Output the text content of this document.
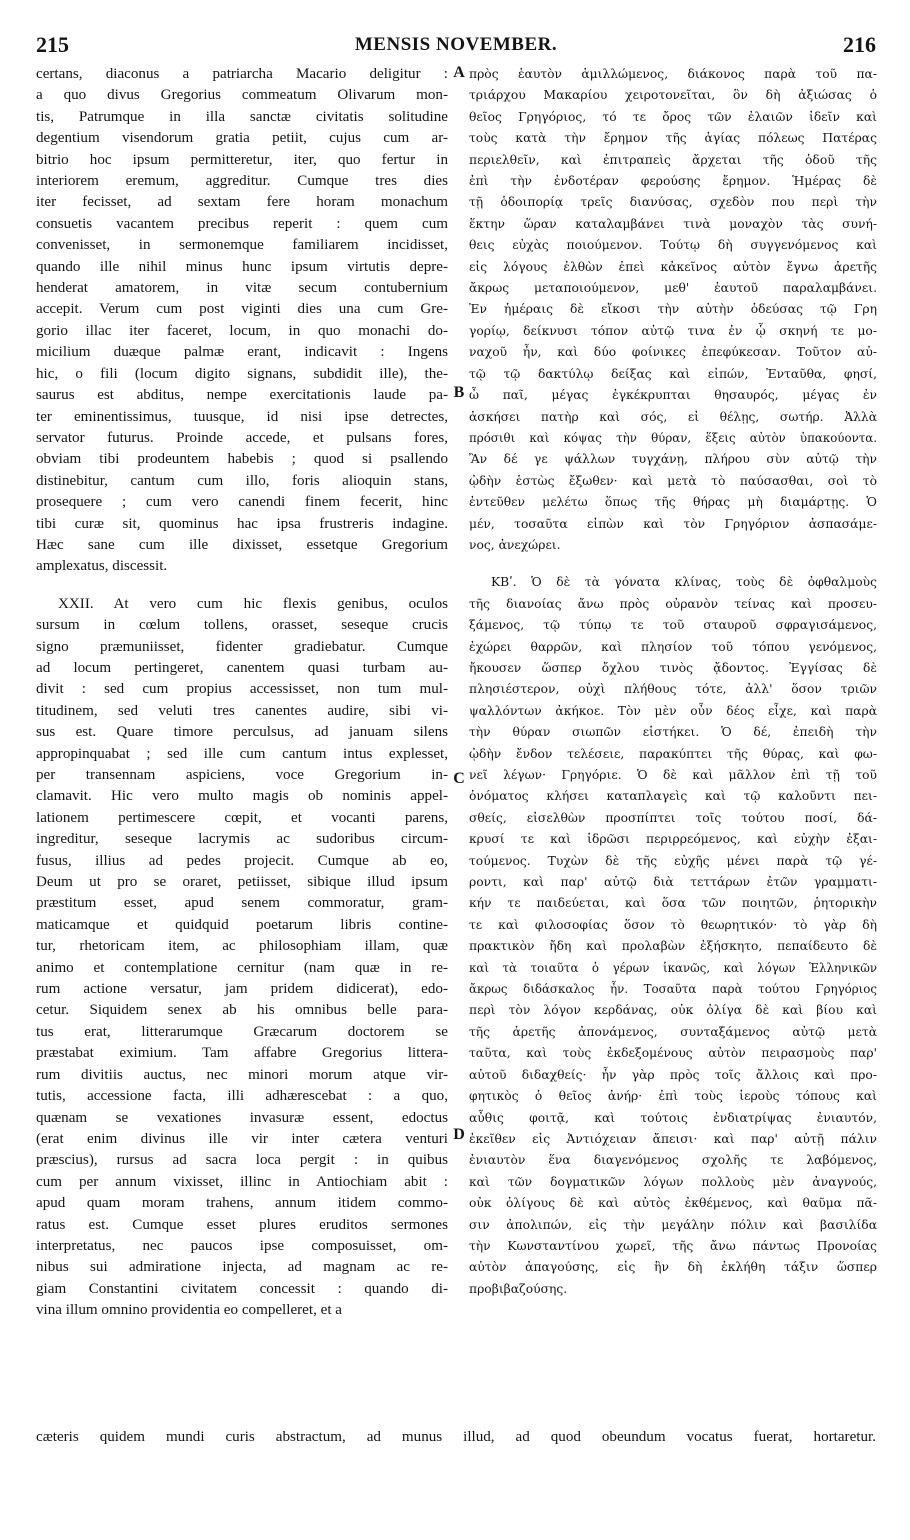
215	MENSIS NOVEMBER.	216
certans, diaconus a patriarcha Macario deligitur :
a quo divus Gregorius commeatum Olivarum mon-
tis, Patrumque in illa sanctæ civitatis solitudine
degentium visendorum gratia petiit, cujus cum ar-
bitrio hoc ipsum permitteretur, iter, quo fertur in
interiorem eremum, aggreditur. Cumque tres dies
iter fecisset, ad sextam fere horam monachum
consuetis vacantem precibus reperit : quem cum
convenisset, in sermonemque familiarem incidisset,
quando ille nihil minus hunc ipsum virtutis depre-
henderat amatorem, in vitæ secum contubernium
accepit. Verum cum post viginti dies una cum Gre-
gorio illac iter faceret, locum, in quo monachi do-
micilium duæque palmæ erant, indicavit : Ingens
hic, o fili (locum digito signans, subdidit ille), the-
saurus est abditus, nempe exercitationis laude pa-
ter eminentissimus, tuusque, id nisi ipse detrectes,
servator futurus. Proinde accede, et pulsans fores,
obviam tibi prodeuntem habebis ; quod si psallendo
distinebitur, cantum cum illo, foris alioquin stans,
prosequere ; cum vero canendi finem fecerit, hinc
tibi curæ sit, quominus hac ipsa frustreris indagine.
Hæc sane cum ille dixisset, essetque Gregorium
amplexatus, discessit.
XXII. At vero cum hic flexis genibus, oculos
sursum in cœlum tollens, orasset, seseque crucis
signo præmuniisset, fidenter gradiebatur. Cumque
ad locum pertingeret, canentem quasi turbam au-
divit : sed cum propius accessisset, non tum mul-
titudinem, sed veluti tres canentes audire, sibi vi-
sus est. Quare timore perculsus, ad januam silens
appropinquabat ; sed ille cum cantum intus explesset,
per transennam aspiciens, voce Gregorium in-
clamavit. Hic vero multo magis ob nominis appel-
lationem pertimescere cœpit, et vocanti parens,
ingreditur, seseque lacrymis ac sudoribus circum-
fusus, illius ad pedes projecit. Cumque ab eo,
Deum ut pro se oraret, petiisset, sibique illud ipsum
præstitum esset, apud senem commoratur, gram-
maticamque et quidquid poetarum libris contine-
tur, rhetoricam item, ac philosophiam illam, quæ
animo et contemplatione cernitur (nam quæ in re-
rum actione versatur, jam pridem didicerat), edo-
cetur. Siquidem senex ab his omnibus belle para-
tus erat, litterarumque Græcarum doctorem se
præstabat eximium. Tam affabre Gregorius littera-
rum divitiis auctus, nec minori morum atque vir-
tutis, accessione facta, illi adhærescebat : a quo,
quænam se vexationes invasuræ essent, edoctus
(erat enim divinus ille vir inter cætera venturi
præscius), rursus ad sacra loca pergit : in quibus
cum per annum vixisset, illinc in Antiochiam abit :
apud quam moram trahens, annum itidem commo-
ratus est. Cumque esset plures eruditos sermones
interpretatus, nec paucos ipse composuisset, om-
nibus sui admiratione injecta, ad magnam ac re-
giam Constantini civitatem concessit : quando di-
vina illum omnino providentia eo compelleret, et a
πρὸς ἑαυτὸν ἁμιλλώμενος, διάκονος παρὰ τοῦ πα-
τριάρχου Μακαρίου χειροτονεῖται, ὃν δὴ ἀξιώσας ὁ
θεῖος Γρηγόριος, τό τε ὄρος τῶν ἐλαιῶν ἰδεῖν καὶ
τοὺς κατὰ τὴν ἔρημον τῆς ἁγίας πόλεως Πατέρας
περιελθεῖν, καὶ ἐπιτραπεὶς ἄρχεται τῆς ὁδοῦ τῆς
ἐπὶ τὴν ἐνδοτέραν φερούσης ἔρημον. Ἡμέρας δὲ
τῇ ὁδοιπορίᾳ τρεῖς διανύσας, σχεδὸν που περὶ τὴν
ἕκτην ὥραν καταλαμβάνει τινὰ μοναχὸν τὰς συνή-
θεις εὐχὰς ποιούμενον. Τούτῳ δὴ συγγενόμενος καὶ
εἰς λόγους ἐλθὼν ἐπεὶ κἀκεῖνος αὐτὸν ἔγνω ἀρετῆς
ἄκρως μεταποιούμενον, μεθ' ἑαυτοῦ παραλαμβάνει.
Ἐν ἡμέραις δὲ εἴκοσι τὴν αὐτὴν ὁδεύσας τῷ Γρη
γορίῳ, δείκνυσι τόπον αὐτῷ τινα ἐν ᾧ σκηνή τε μο-
ναχοῦ ἦν, καὶ δύο φοίνικες ἐπεφύκεσαν. Τοῦτον αὐ-
τῷ τῷ δακτύλῳ δείξας καὶ εἰπών, Ἐνταῦθα, φησί,
ὦ παῖ, μέγας ἐγκέκρυπται θησαυρός, μέγας ἐν
ἀσκήσει πατὴρ καὶ σός, εἰ θέλῃς, σωτήρ. Ἀλλὰ
πρόσιθι καὶ κόψας τὴν θύραν, ἕξεις αὐτὸν ὑπακούοντα.
Ἂν δέ γε ψάλλων τυγχάνῃ, πλήρου σὺν αὐτῷ τὴν
ᾠδὴν ἑστὼς ἔξωθεν· καὶ μετὰ τὸ παύσασθαι, σοὶ τὸ
ἐντεῦθεν μελέτω ὅπως τῆς θήρας μὴ διαμάρτῃς. Ὁ
μέν, τοσαῦτα εἰπὼν καὶ τὸν Γρηγόριον ἀσπασάμε-
νος, ἀνεχώρει.
ΚΒʹ. Ὁ δὲ τὰ γόνατα κλίνας, τοὺς δὲ ὀφθαλμοὺς
τῆς διανοίας ἄνω πρὸς οὐρανὸν τείνας καὶ προσευ-
ξάμενος, τῷ τύπῳ τε τοῦ σταυροῦ σφραγισάμενος,
ἐχώρει θαρρῶν, καὶ πλησίον τοῦ τόπου γενόμενος,
ἤκουσεν ὥσπερ ὄχλου τινὸς ᾄδοντος. Ἐγγίσας δὲ
πλησιέστερον, οὐχὶ πλήθους τότε, ἀλλ' ὅσον τριῶν
ψαλλόντων ἀκήκοε. Τὸν μὲν οὖν δέος εἶχε, καὶ παρὰ
τὴν θύραν σιωπῶν εἱστήκει. Ὁ δέ, ἐπειδὴ τὴν
ᾠδὴν ἔνδον τελέσειε, παρακύπτει τῆς θύρας, καὶ φω-
νεῖ λέγων· Γρηγόριε. Ὁ δὲ καὶ μᾶλλον ἐπὶ τῇ τοῦ
ὀνόματος κλήσει καταπλαγεὶς καὶ τῷ καλοῦντι πει-
σθείς, εἰσελθὼν προσπίπτει τοῖς τούτου ποσί, δά-
κρυσί τε καὶ ἱδρῶσι περιρρεόμενος, καὶ εὐχὴν ἐξαι-
τούμενος. Τυχὼν δὲ τῆς εὐχῆς μένει παρὰ τῷ γέ-
ροντι, καὶ παρ' αὐτῷ διὰ τεττάρων ἐτῶν γραμματι-
κήν τε παιδεύεται, καὶ ὅσα τῶν ποιητῶν, ῥητορικὴν
τε καὶ φιλοσοφίας ὅσον τὸ θεωρητικόν· τὸ γὰρ δὴ
πρακτικὸν ἤδη καὶ προλαβὼν ἐξήσκητο, πεπαίδευτο δὲ
καὶ τὰ τοιαῦτα ὁ γέρων ἱκανῶς, καὶ λόγων Ἑλληνικῶν
ἄκρως διδάσκαλος ἦν. Τοσαῦτα παρὰ τούτου Γρηγόριος
περὶ τὸν λόγον κερδάνας, οὐκ ὀλίγα δὲ καὶ βίου καὶ
τῆς ἀρετῆς ἀπονάμενος, συνταξάμενος αὐτῷ μετὰ
ταῦτα, καὶ τοὺς ἐκδεξομένους αὐτὸν πειρασμοὺς παρ'
αὐτοῦ διδαχθείς· ἦν γὰρ πρὸς τοῖς ἄλλοις καὶ προ-
φητικὸς ὁ θεῖος ἀνήρ· ἐπὶ τοὺς ἱεροὺς τόπους καὶ
αὖθις φοιτᾷ, καὶ τούτοις ἐνδιατρίψας ἐνιαυτόν,
ἐκεῖθεν εἰς Ἀντιόχειαν ἄπεισι· καὶ παρ' αὐτῇ πάλιν
ἐνιαυτὸν ἕνα διαγενόμενος σχολῆς τε λαβόμενος,
καὶ τῶν δογματικῶν λόγων πολλοὺς μὲν ἀναγνούς,
οὐκ ὀλίγους δὲ καὶ αὐτὸς ἐκθέμενος, καὶ θαῦμα πᾶ-
σιν ἀπολιπών, εἰς τὴν μεγάλην πόλιν καὶ βασιλίδα
τὴν Κωνσταντίνου χωρεῖ, τῆς ἄνω πάντως Προνοίας
αὐτὸν ἀπαγούσης, εἰς ἣν δὴ ἐκλήθη τάξιν ὥσπερ
προβιβαζούσης.
A
B
C
D
cæteris quidem mundi curis abstractum, ad munus illud, ad quod obeundum vocatus fuerat, hortaretur.
